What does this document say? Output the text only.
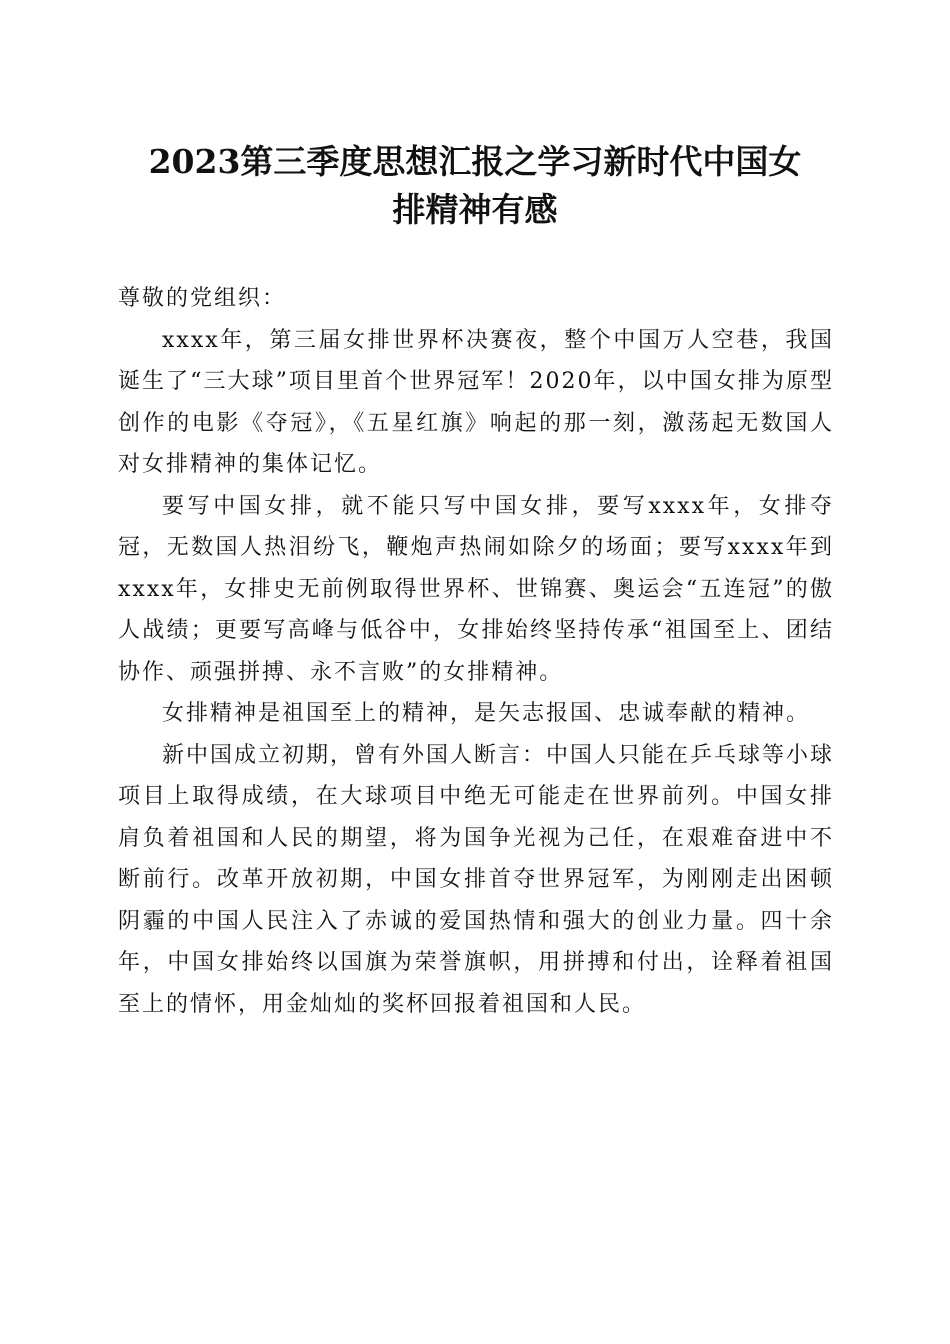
2023第三季度思想汇报之学习新时代中国女
排精神有感

尊敬的党组织：

xxxx年，第三届女排世界杯决赛夜，整个中国万人空巷，我国诞生了“三大球”项目里首个世界冠军！2020年，以中国女排为原型创作的电影《夺冠》，《五星红旗》响起的那一刻，激荡起无数国人对女排精神的集体记忆。

要写中国女排，就不能只写中国女排，要写xxxx年，女排夺冠，无数国人热泪纷飞，鞭炮声热闹如除夕的场面；要写xxxx年到xxxx年，女排史无前例取得世界杯、世锦赛、奥运会“五连冠”的傲人战绩；更要写高峰与低谷中，女排始终坚持传承“祖国至上、团结协作、顽强拼搏、永不言败”的女排精神。

女排精神是祖国至上的精神，是矢志报国、忠诚奉献的精神。

新中国成立初期，曾有外国人断言：中国人只能在乒乓球等小球项目上取得成绩，在大球项目中绝无可能走在世界前列。中国女排肩负着祖国和人民的期望，将为国争光视为己任，在艰难奋进中不断前行。改革开放初期，中国女排首夺世界冠军，为刚刚走出困顿阴霾的中国人民注入了赤诚的爱国热情和强大的创业力量。四十余年，中国女排始终以国旗为荣誉旗帜，用拼搏和付出，诠释着祖国至上的情怀，用金灿灿的奖杯回报着祖国和人民。
